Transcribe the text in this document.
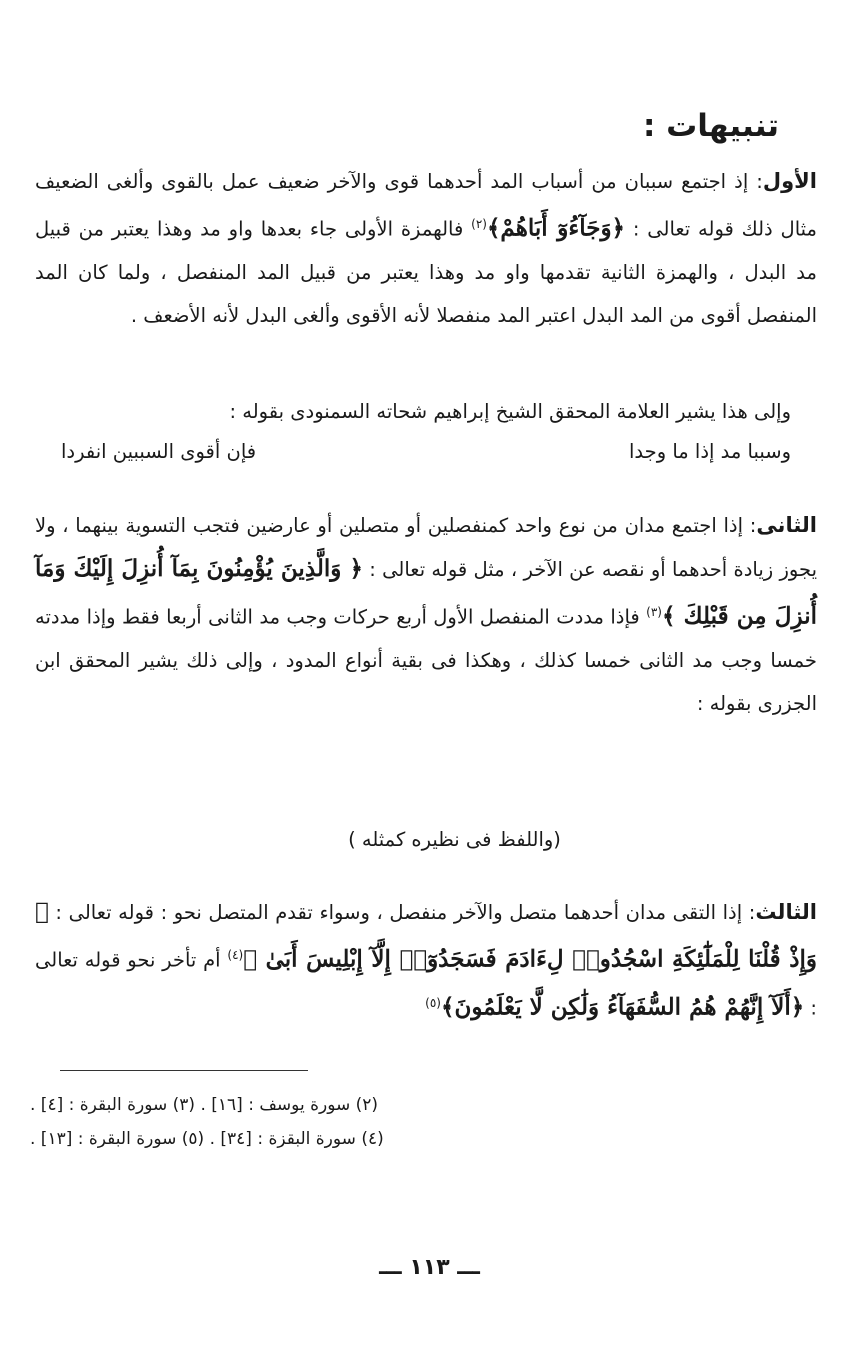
تنبيهات :
الأول: إذ اجتمع سببان من أسباب المد أحدهما قوى والآخر ضعيف عمل بالقوى وألغى الضعيف مثال ذلك قوله تعالى : ﴿وَجَآءُوٓ أَبَاهُمْ﴾$^{(٢)}$ فالهمزة الأولى جاء بعدها واو مد وهذا يعتبر من قبيل مد البدل ، والهمزة الثانية تقدمها واو مد وهذا يعتبر من قبيل المد المنفصل ، ولما كان المد المنفصل أقوى من المد البدل اعتبر المد منفصلا لأنه الأقوى وألغى البدل لأنه الأضعف .
وإلى هذا يشير العلامة المحقق الشيخ إبراهيم شحاته السمنودى بقوله :
وسببا مد إذا ما وجدا
فإن أقوى السببين انفردا
الثانى: إذا اجتمع مدان من نوع واحد كمنفصلين أو متصلين أو عارضين فتجب التسوية بينهما ، ولا يجوز زيادة أحدهما أو نقصه عن الآخر ، مثل قوله تعالى : ﴿ وَالَّذِينَ يُؤْمِنُونَ بِمَآ أُنزِلَ إِلَيْكَ وَمَآ أُنزِلَ مِن قَبْلِكَ ﴾$^{(٣)}$ فإذا مددت المنفصل الأول أربع حركات وجب مد الثانى أربعا فقط وإذا مددته خمسا وجب مد الثانى خمسا كذلك ، وهكذا فى بقية أنواع المدود ، وإلى ذلك يشير المحقق ابن الجزرى بقوله :
(واللفظ فى نظيره كمثله )
الثالث: إذا التقى مدان أحدهما متصل والآخر منفصل ، وسواء تقدم المتصل نحو : قوله تعالى : ﴿ وَإِذْ قُلْنَا لِلْمَلَٰٓئِكَةِ اسْجُدُوا۟ لِءَادَمَ فَسَجَدُوٓا۟ إِلَّآ إِبْلِيسَ أَبَىٰ ﴾$^{(٤)}$ أم تأخر نحو قوله تعالى : ﴿أَلَآ إِنَّهُمْ هُمُ السُّفَهَآءُ وَلَٰكِن لَّا يَعْلَمُونَ﴾$^{(٥)}$
(٢) سورة يوسف : [١٦] . (٣) سورة البقرة : [٤] .
(٤) سورة البقزة : [٣٤] . (٥) سورة البقرة : [١٣] .
ـــ ١١٣ ـــ
